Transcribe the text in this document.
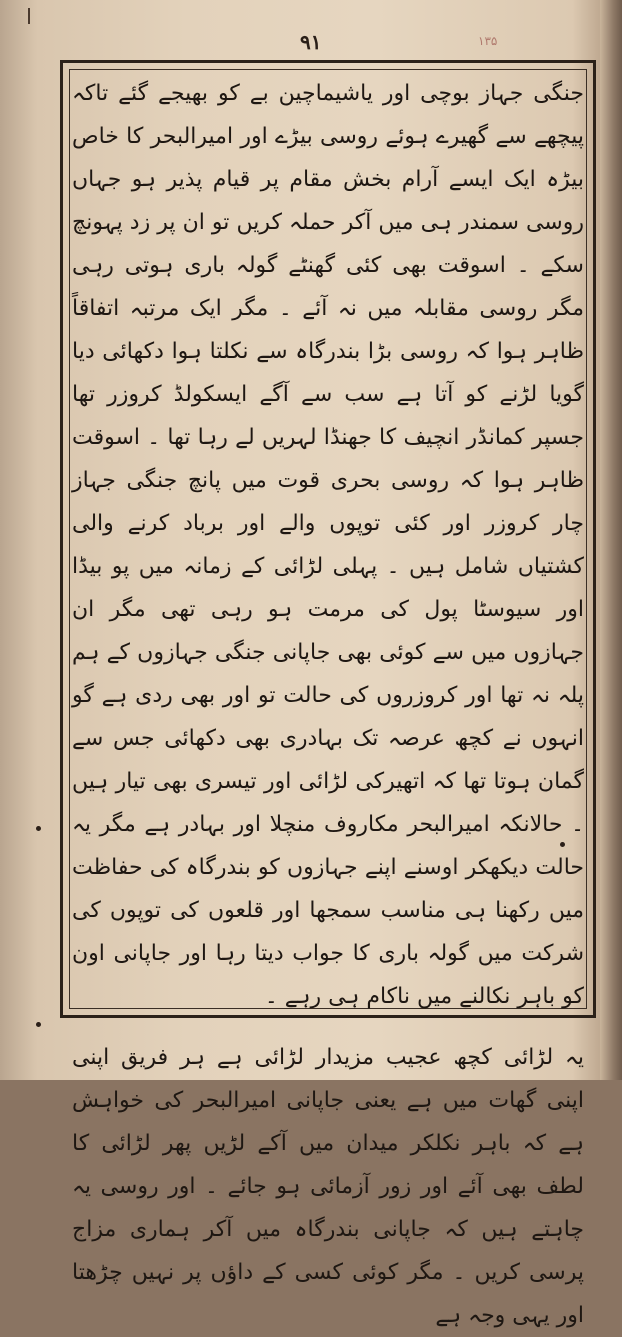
۹۱	۱۳۵

جنگی جہاز بوچی اور یاشیماچین بے کو بھیجے گئے تاکہ پیچھے سے گھیرے ہوئے روسی بیڑے اور امیرالبحر کا خاص بیڑہ ایک ایسے آرام بخش مقام پر قیام پذیر ہو جہاں روسی سمندر ہی میں آکر حملہ کریں تو ان پر زد پہونچ سکے ۔ اسوقت بھی کئی گھنٹے گولہ باری ہوتی رہی مگر روسی مقابلہ میں نہ آئے ۔ مگر ایک مرتبہ اتفاقاً ظاہر ہوا کہ روسی بڑا بندرگاہ سے نکلتا ہوا دکھائی دیا گویا لڑنے کو آتا ہے سب سے آگے ایسکولڈ کروزر تھا جسپر کمانڈر انچیف کا جھنڈا لہریں لے رہا تھا ۔ اسوقت ظاہر ہوا کہ روسی بحری قوت میں پانچ جنگی جہاز چار کروزر اور کئی توپوں والے اور برباد کرنے والی کشتیاں شامل ہیں ۔ پہلی لڑائی کے زمانہ میں پو بیڈا اور سیوسٹا پول کی مرمت ہو رہی تھی مگر ان جہازوں میں سے کوئی بھی جاپانی جنگی جہازوں کے ہم پلہ نہ تھا اور کروزروں کی حالت تو اور بھی ردی ہے گو انہوں نے کچھ عرصہ تک بہادری بھی دکھائی جس سے گمان ہوتا تھا کہ اتھیرکی لڑائی اور تیسری بھی تیار ہیں ۔ حالانکہ امیرالبحر مکاروف منچلا اور بہادر ہے مگر یہ حالت دیکھکر اوسنے اپنے جہازوں کو بندرگاہ کی حفاظت میں رکھنا ہی مناسب سمجھا اور قلعوں کی توپوں کی شرکت میں گولہ باری کا جواب دیتا رہا اور جاپانی اون کو باہر نکالنے میں ناکام ہی رہے ۔

یہ لڑائی کچھ عجیب مزیدار لڑائی ہے ہر فریق اپنی اپنی گھات میں ہے یعنی جاپانی امیرالبحر کی خواہش ہے کہ باہر نکلکر میدان میں آکے لڑیں پھر لڑائی کا لطف بھی آئے اور زور آزمائی ہو جائے ۔ اور روسی یہ چاہتے ہیں کہ جاپانی بندرگاہ میں آکر ہماری مزاج پرسی کریں ۔ مگر کوئی کسی کے داؤں پر نہیں چڑھتا اور یہی وجہ ہے
